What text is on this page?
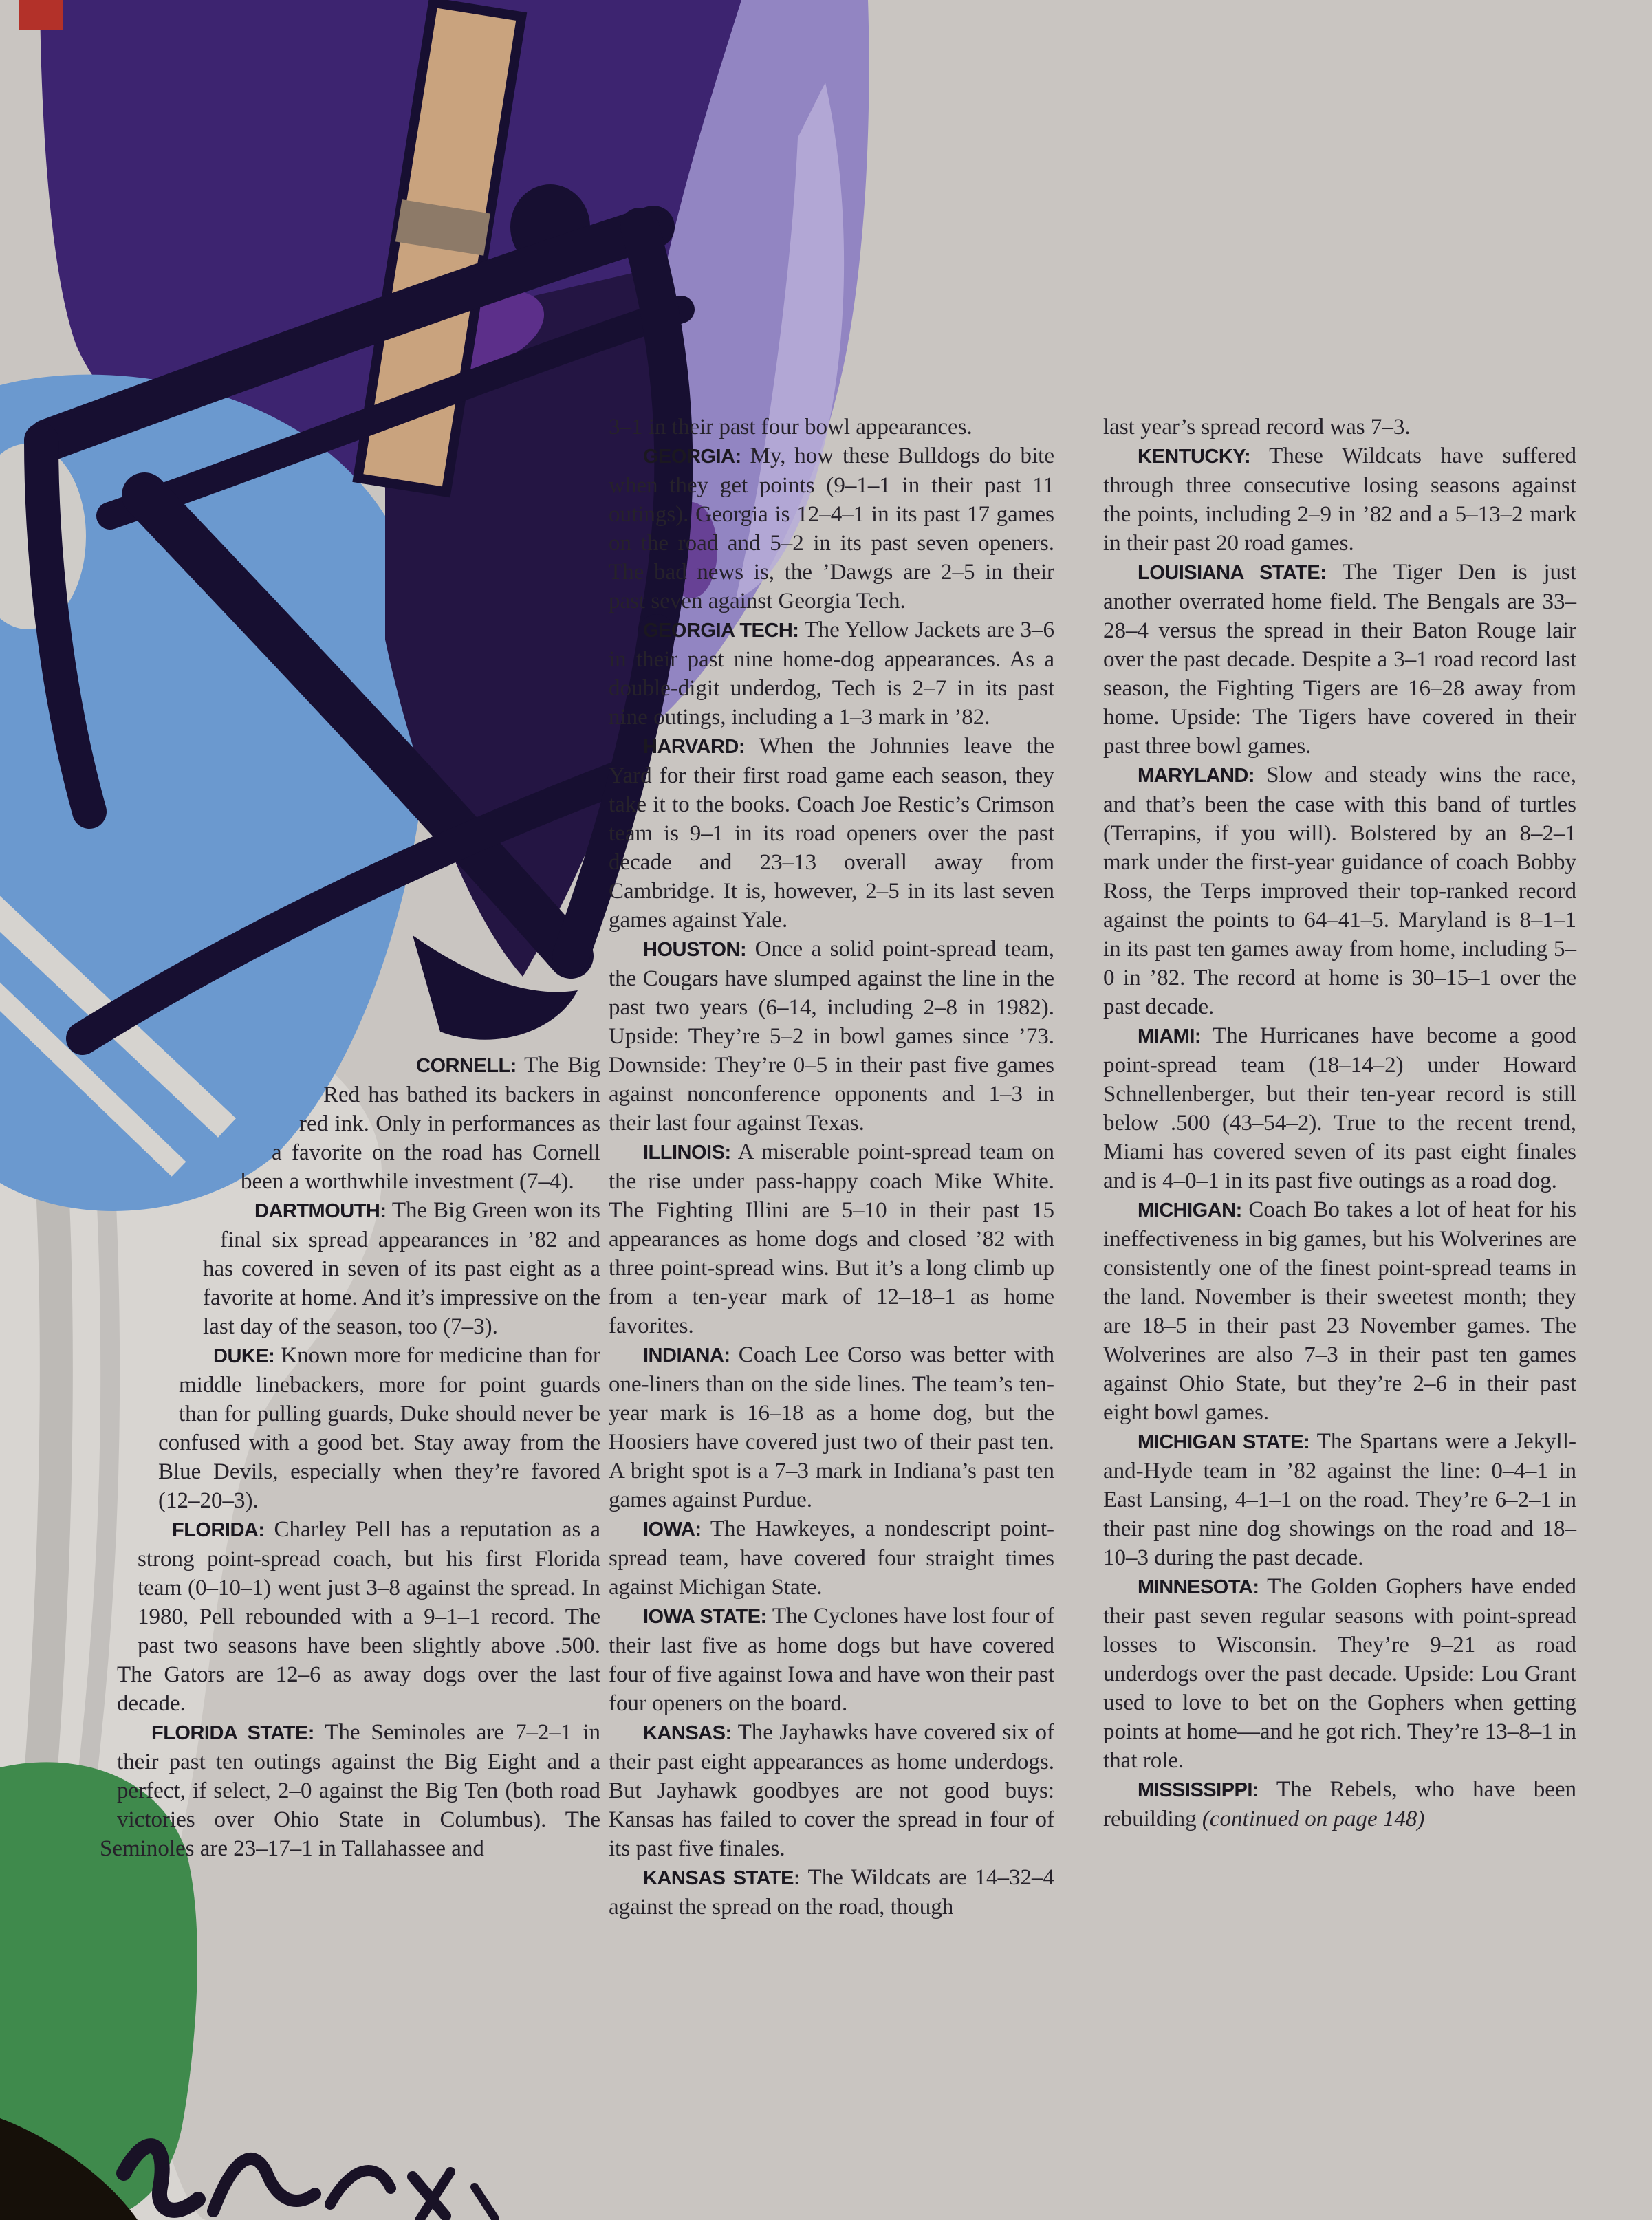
CORNELL: The Big Red has bathed its backers in red ink. Only in performances as a favorite on the road has Cornell been a worthwhile investment (7–4).

DARTMOUTH: The Big Green won its final six spread appearances in ’82 and has covered in seven of its past eight as a favorite at home. And it’s impressive on the last day of the season, too (7–3).

DUKE: Known more for medicine than for middle linebackers, more for point guards than for pulling guards, Duke should never be confused with a good bet. Stay away from the Blue Devils, especially when they’re favored (12–20–3).

FLORIDA: Charley Pell has a reputation as a strong point-spread coach, but his first Florida team (0–10–1) went just 3–8 against the spread. In 1980, Pell rebounded with a 9–1–1 record. The past two seasons have been slightly above .500. The Gators are 12–6 as away dogs over the last decade.

FLORIDA STATE: The Seminoles are 7–2–1 in their past ten outings against the Big Eight and a perfect, if select, 2–0 against the Big Ten (both road victories over Ohio State in Columbus). The Seminoles are 23–17–1 in Tallahassee and

3–1 in their past four bowl appearances.

GEORGIA: My, how these Bulldogs do bite when they get points (9–1–1 in their past 11 outings). Georgia is 12–4–1 in its past 17 games on the road and 5–2 in its past seven openers. The bad news is, the ’Dawgs are 2–5 in their past seven against Georgia Tech.

GEORGIA TECH: The Yellow Jackets are 3–6 in their past nine home-dog appearances. As a double-digit underdog, Tech is 2–7 in its past nine outings, including a 1–3 mark in ’82.

HARVARD: When the Johnnies leave the Yard for their first road game each season, they take it to the books. Coach Joe Restic’s Crimson team is 9–1 in its road openers over the past decade and 23–13 overall away from Cambridge. It is, however, 2–5 in its last seven games against Yale.

HOUSTON: Once a solid point-spread team, the Cougars have slumped against the line in the past two years (6–14, including 2–8 in 1982). Upside: They’re 5–2 in bowl games since ’73. Downside: They’re 0–5 in their past five games against nonconference opponents and 1–3 in their last four against Texas.

ILLINOIS: A miserable point-spread team on the rise under pass-happy coach Mike White. The Fighting Illini are 5–10 in their past 15 appearances as home dogs and closed ’82 with three point-spread wins. But it’s a long climb up from a ten-year mark of 12–18–1 as home favorites.

INDIANA: Coach Lee Corso was better with one-liners than on the side lines. The team’s ten-year mark is 16–18 as a home dog, but the Hoosiers have covered just two of their past ten. A bright spot is a 7–3 mark in Indiana’s past ten games against Purdue.

IOWA: The Hawkeyes, a nondescript point-spread team, have covered four straight times against Michigan State.

IOWA STATE: The Cyclones have lost four of their last five as home dogs but have covered four of five against Iowa and have won their past four openers on the board.

KANSAS: The Jayhawks have covered six of their past eight appearances as home underdogs. But Jayhawk goodbyes are not good buys: Kansas has failed to cover the spread in four of its past five finales.

KANSAS STATE: The Wildcats are 14–32–4 against the spread on the road, though

last year’s spread record was 7–3.

KENTUCKY: These Wildcats have suffered through three consecutive losing seasons against the points, including 2–9 in ’82 and a 5–13–2 mark in their past 20 road games.

LOUISIANA STATE: The Tiger Den is just another overrated home field. The Bengals are 33–28–4 versus the spread in their Baton Rouge lair over the past decade. Despite a 3–1 road record last season, the Fighting Tigers are 16–28 away from home. Upside: The Tigers have covered in their past three bowl games.

MARYLAND: Slow and steady wins the race, and that’s been the case with this band of turtles (Terrapins, if you will). Bolstered by an 8–2–1 mark under the first-year guidance of coach Bobby Ross, the Terps improved their top-ranked record against the points to 64–41–5. Maryland is 8–1–1 in its past ten games away from home, including 5–0 in ’82. The record at home is 30–15–1 over the past decade.

MIAMI: The Hurricanes have become a good point-spread team (18–14–2) under Howard Schnellenberger, but their ten-year record is still below .500 (43–54–2). True to the recent trend, Miami has covered seven of its past eight finales and is 4–0–1 in its past five outings as a road dog.

MICHIGAN: Coach Bo takes a lot of heat for his ineffectiveness in big games, but his Wolverines are consistently one of the finest point-spread teams in the land. November is their sweetest month; they are 18–5 in their past 23 November games. The Wolverines are also 7–3 in their past ten games against Ohio State, but they’re 2–6 in their past eight bowl games.

MICHIGAN STATE: The Spartans were a Jekyll-and-Hyde team in ’82 against the line: 0–4–1 in East Lansing, 4–1–1 on the road. They’re 6–2–1 in their past nine dog showings on the road and 18–10–3 during the past decade.

MINNESOTA: The Golden Gophers have ended their past seven regular seasons with point-spread losses to Wisconsin. They’re 9–21 as road underdogs over the past decade. Upside: Lou Grant used to love to bet on the Gophers when getting points at home—and he got rich. They’re 13–8–1 in that role.

MISSISSIPPI: The Rebels, who have been rebuilding (continued on page 148)
